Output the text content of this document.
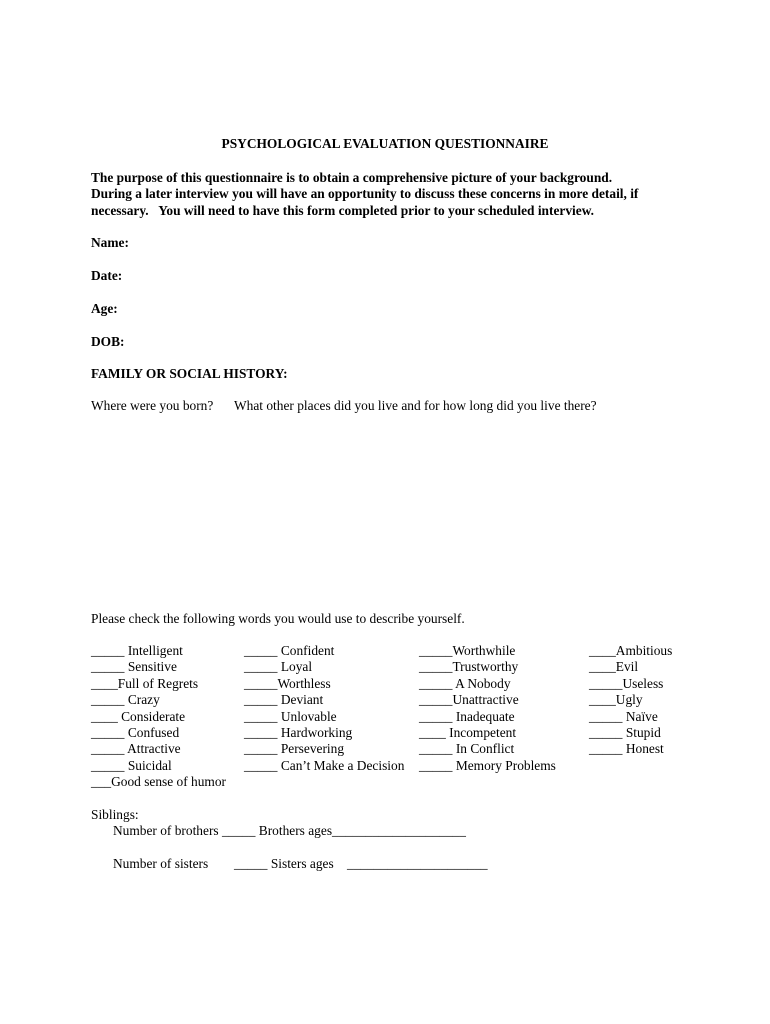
PSYCHOLOGICAL EVALUATION QUESTIONNAIRE
The purpose of this questionnaire is to obtain a comprehensive picture of your background.
During a later interview you will have an opportunity to discuss these concerns in more detail, if
necessary.   You will need to have this form completed prior to your scheduled interview.
Name:
Date:
Age:
DOB:
FAMILY OR SOCIAL HISTORY:
Where were you born? What other places did you live and for how long did you live there?
Please check the following words you would use to describe yourself.
_____ Intelligent
_____ Sensitive
____Full of Regrets
_____ Crazy
____ Considerate
_____ Confused
_____ Attractive
_____ Suicidal
___Good sense of humor
_____ Confident
_____ Loyal
_____Worthless
_____ Deviant
_____ Unlovable
_____ Hardworking
_____ Persevering
_____ Can’t Make a Decision
_____Worthwhile
_____Trustworthy
_____ A Nobody
_____Unattractive
_____ Inadequate
____ Incompetent
_____ In Conflict
_____ Memory Problems
____Ambitious
____Evil
_____Useless
____Ugly
_____ Naïve
_____ Stupid
_____ Honest
Siblings:
Number of brothers _____ Brothers ages____________________
Number of sisters _____ Sisters ages _____________________
